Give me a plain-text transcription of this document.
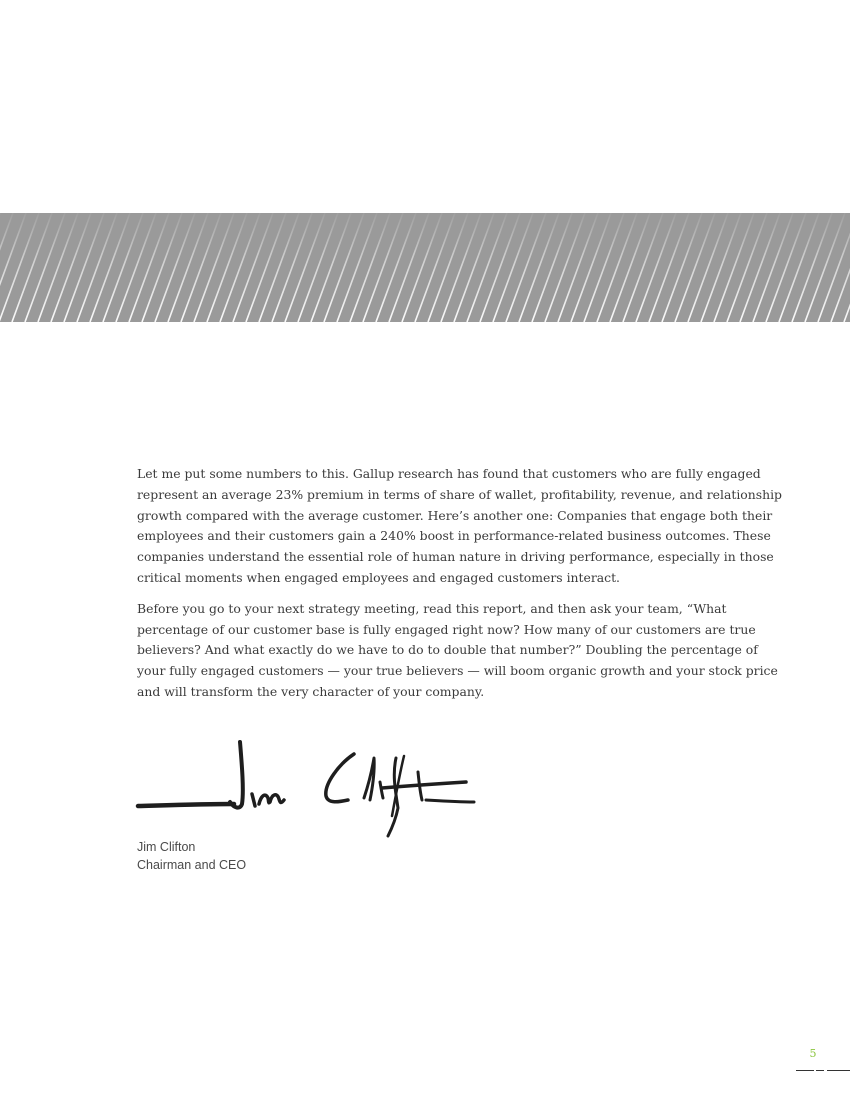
Let me put some numbers to this. Gallup research has found that customers who are fully engaged
represent an average 23% premium in terms of share of wallet, profitability, revenue, and relationship
growth compared with the average customer. Here’s another one: Companies that engage both their
employees and their customers gain a 240% boost in performance-related business outcomes. These
companies understand the essential role of human nature in driving performance, especially in those
critical moments when engaged employees and engaged customers interact.

Before you go to your next strategy meeting, read this report, and then ask your team, “What
percentage of our customer base is fully engaged right now? How many of our customers are true
believers? And what exactly do we have to do to double that number?” Doubling the percentage of
your fully engaged customers — your true believers — will boom organic growth and your stock price
and will transform the very character of your company.

Jim Clifton
Chairman and CEO
5
